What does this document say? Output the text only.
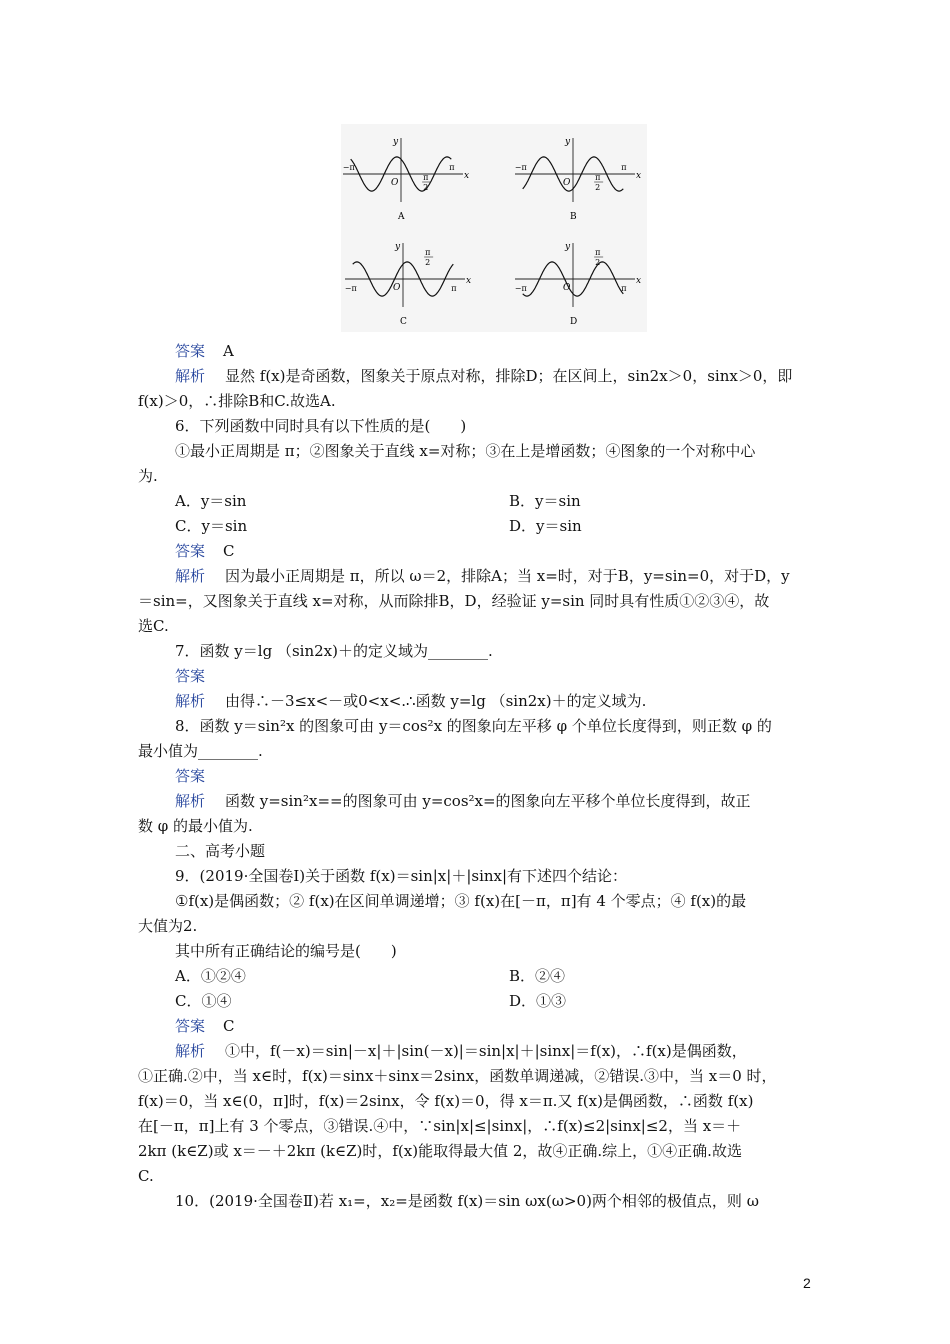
x
y
−π	π
O
π
2
A
x
y
−π	π
O
π
2
B
x
y
−π	π
O
π
2
C
x
y
−π	π
O
π
2
D
答案 A
解析 显然 f(x)是奇函数，图象关于原点对称，排除D；在区间上，sin2x＞0，sinx＞0，即
f(x)＞0，∴排除B和C.故选A.
6．下列函数中同时具有以下性质的是(　　)
①最小正周期是 π；②图象关于直线 x=对称；③在上是增函数；④图象的一个对称中心
为.
A．y＝sin	B．y＝sin
C．y＝sin	D．y＝sin
答案 C
解析 因为最小正周期是 π，所以 ω＝2，排除A；当 x=时，对于B，y=sin=0，对于D，y
＝sin=，又图象关于直线 x=对称，从而除排B，D，经验证 y=sin 同时具有性质①②③④，故
选C.
7．函数 y＝lg （sin2x)＋的定义域为________.
答案
解析 由得∴－3≤x<－或0<x<.∴函数 y=lg （sin2x)＋的定义域为.
8．函数 y＝sin²x 的图象可由 y＝cos²x 的图象向左平移 φ 个单位长度得到，则正数 φ 的
最小值为________.
答案
解析 函数 y=sin²x==的图象可由 y=cos²x=的图象向左平移个单位长度得到，故正
数 φ 的最小值为.
二、高考小题
9．(2019·全国卷Ⅰ)关于函数 f(x)＝sin|x|＋|sinx|有下述四个结论：
①f(x)是偶函数；② f(x)在区间单调递增；③ f(x)在[－π，π]有 4 个零点；④ f(x)的最
大值为2.
其中所有正确结论的编号是(　　)
A．①②④	B．②④
C．①④	D．①③
答案 C
解析 ①中，f(－x)＝sin|－x|＋|sin(－x)|＝sin|x|＋|sinx|＝f(x)，∴f(x)是偶函数，
①正确.②中，当 x∈时，f(x)＝sinx＋sinx＝2sinx，函数单调递减，②错误.③中，当 x＝0 时，
f(x)＝0，当 x∈(0，π]时，f(x)＝2sinx，令 f(x)＝0，得 x＝π.又 f(x)是偶函数，∴函数 f(x)
在[－π，π]上有 3 个零点，③错误.④中，∵sin|x|≤|sinx|，∴f(x)≤2|sinx|≤2，当 x＝＋
2kπ (k∈Z)或 x＝－＋2kπ (k∈Z)时，f(x)能取得最大值 2，故④正确.综上，①④正确.故选
C.
10．(2019·全国卷Ⅱ)若 x₁=，x₂=是函数 f(x)＝sin ωx(ω>0)两个相邻的极值点，则 ω
2
